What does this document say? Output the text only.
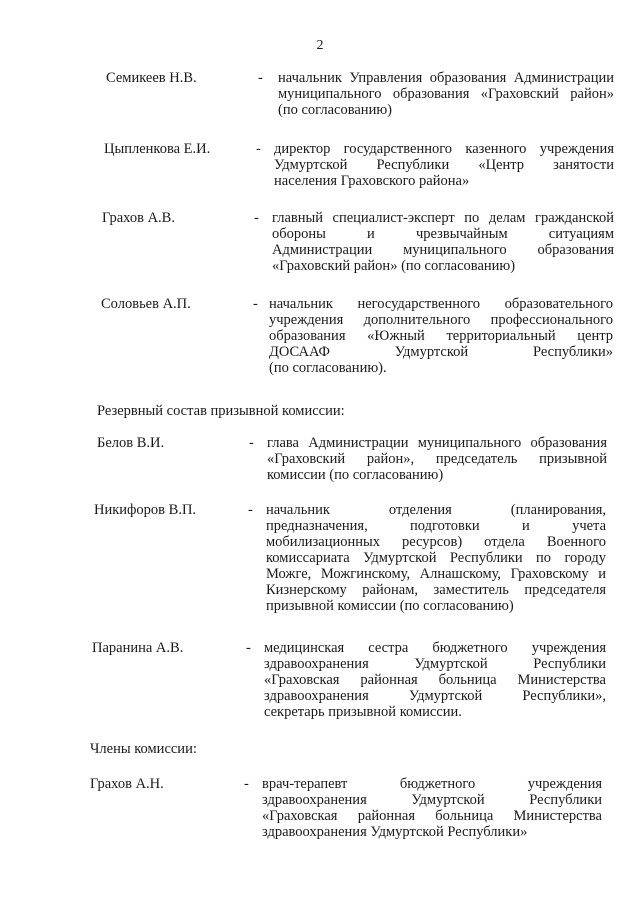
2
Семикеев Н.В.	- начальник Управления образования Администрации
муниципального образования «Граховский район»
(по согласованию)
Цыпленкова Е.И.	- директор государственного казенного учреждения
Удмуртской Республики «Центр занятости
населения Граховского района»
Грахов А.В.	- главный специалист-эксперт по делам гражданской
обороны и чрезвычайным ситуациям
Администрации муниципального образования
«Граховский район» (по согласованию)
Соловьев А.П.	- начальник негосударственного образовательного
учреждения дополнительного профессионального
образования «Южный территориальный центр
ДОСААФ Удмуртской Республики»
(по согласованию).
Резервный состав призывной комиссии:
Белов В.И.	- глава Администрации муниципального образования
«Граховский район», председатель призывной
комиссии (по согласованию)
Никифоров В.П.	- начальник отделения (планирования,
предназначения, подготовки и учета
мобилизационных ресурсов) отдела Военного
комиссариата Удмуртской Республики по городу
Можге, Можгинскому, Алнашскому, Граховскому и
Кизнерскому районам, заместитель председателя
призывной комиссии (по согласованию)
Паранина А.В.	- медицинская сестра бюджетного учреждения
здравоохранения Удмуртской Республики
«Граховская районная больница Министерства
здравоохранения Удмуртской Республики»,
секретарь призывной комиссии.
Члены комиссии:
Грахов А.Н.	- врач-терапевт бюджетного учреждения
здравоохранения Удмуртской Республики
«Граховская районная больница Министерства
здравоохранения Удмуртской Республики»
